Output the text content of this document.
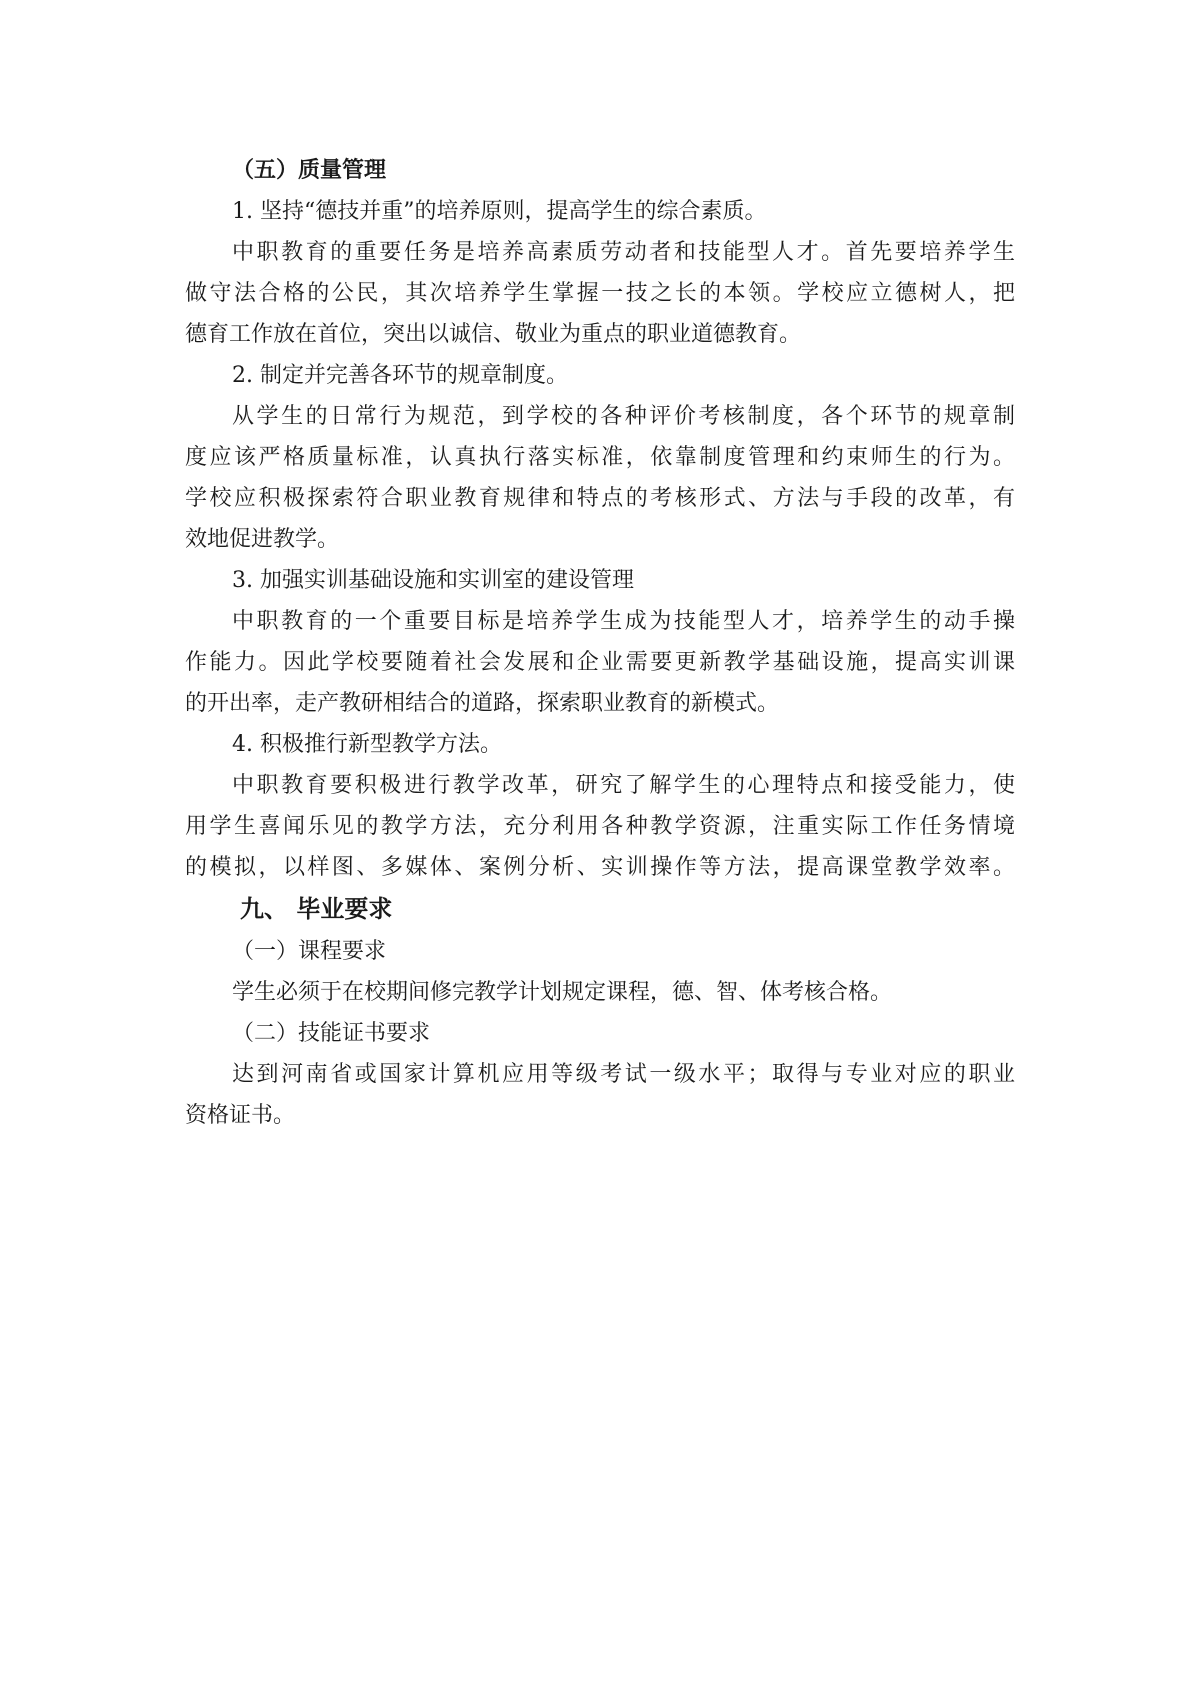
（五）质量管理

1. 坚持“德技并重”的培养原则，提高学生的综合素质。

中职教育的重要任务是培养高素质劳动者和技能型人才。首先要培养学生

做守法合格的公民，其次培养学生掌握一技之长的本领。学校应立德树人，把

德育工作放在首位，突出以诚信、敬业为重点的职业道德教育。

2. 制定并完善各环节的规章制度。

从学生的日常行为规范，到学校的各种评价考核制度，各个环节的规章制

度应该严格质量标准，认真执行落实标准，依靠制度管理和约束师生的行为。

学校应积极探索符合职业教育规律和特点的考核形式、方法与手段的改革，有

效地促进教学。

3. 加强实训基础设施和实训室的建设管理

中职教育的一个重要目标是培养学生成为技能型人才，培养学生的动手操

作能力。因此学校要随着社会发展和企业需要更新教学基础设施，提高实训课

的开出率，走产教研相结合的道路，探索职业教育的新模式。

4. 积极推行新型教学方法。

中职教育要积极进行教学改革，研究了解学生的心理特点和接受能力，使

用学生喜闻乐见的教学方法，充分利用各种教学资源，注重实际工作任务情境

的模拟，以样图、多媒体、案例分析、实训操作等方法，提高课堂教学效率。

九、 毕业要求

（一）课程要求

学生必须于在校期间修完教学计划规定课程，德、智、体考核合格。

（二）技能证书要求

达到河南省或国家计算机应用等级考试一级水平；取得与专业对应的职业

资格证书。
